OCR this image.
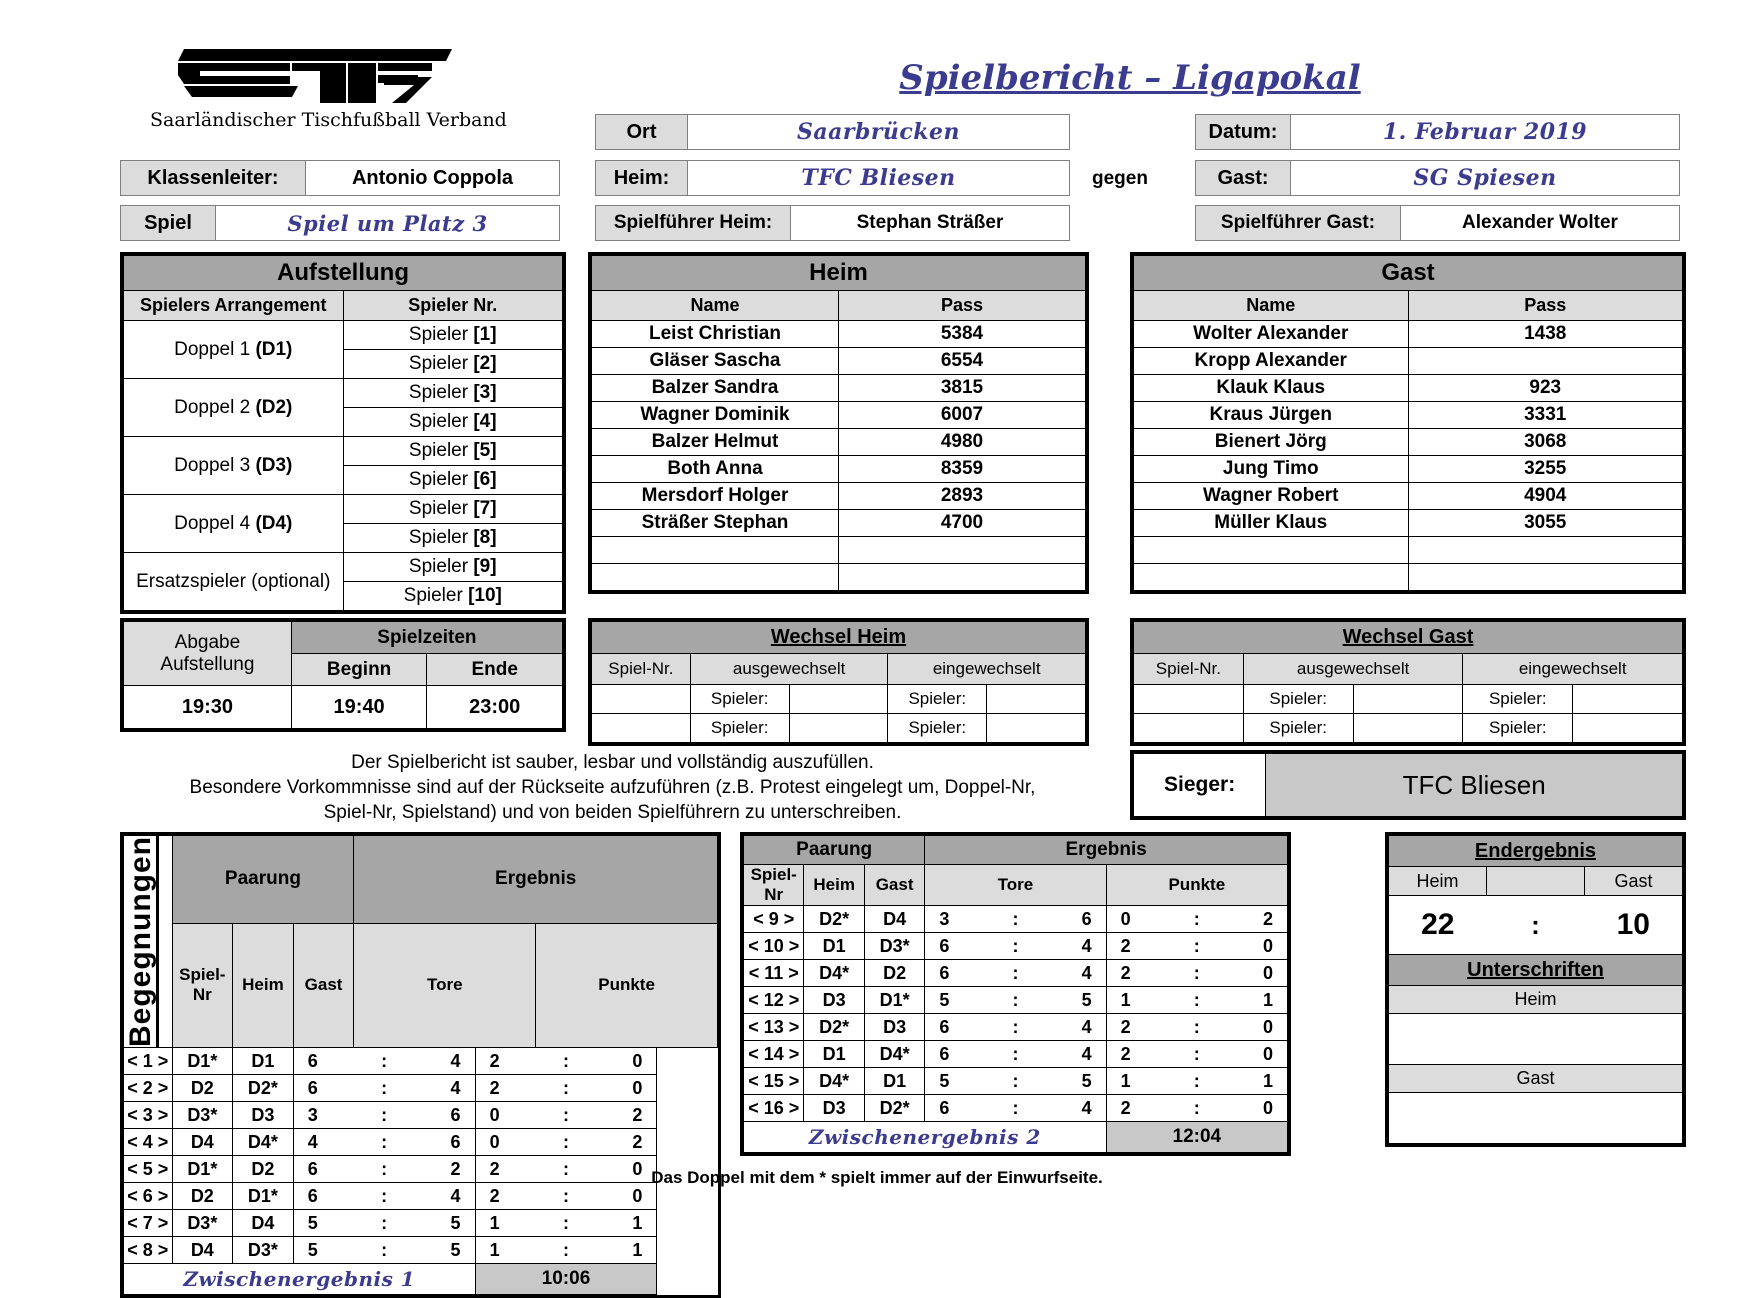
Saarländischer Tischfußball Verband
Spielbericht – Ligapokal
Klassenleiter:	Antonio Coppola
Spiel	Spiel um Platz 3
Ort	Saarbrücken
Heim:	TFC Bliesen	gegen
Datum:	1. Februar 2019
Gast:	SG Spiesen
Spielführer Heim:	Stephan Sträßer	Spielführer Gast:	Alexander Wolter
Aufstellung	
Spielers Arrangement	Spieler Nr.
Doppel 1 (D1)	Spieler [1]
	Spieler [2]
Doppel 2 (D2)	Spieler [3]
	Spieler [4]
Doppel 3 (D3)	Spieler [5]
	Spieler [6]
Doppel 4 (D4)	Spieler [7]
	Spieler [8]
Ersatzspieler (optional)	Spieler [9]
	Spieler [10]
Heim	
Name	Pass
Leist Christian	5384
Gläser Sascha	6554
Balzer Sandra	3815
Wagner Dominik	6007
Balzer Helmut	4980
Both Anna	8359
Mersdorf Holger	2893
Sträßer Stephan	4700

Gast	
Name	Pass
Wolter Alexander	1438
Kropp Alexander	
Klauk Klaus	923
Kraus Jürgen	3331
Bienert Jörg	3068
Jung Timo	3255
Wagner Robert	4904
Müller Klaus	3055

Abgabe
Aufstellung	Spielzeiten	
	Beginn	Ende
19:30	19:40	23:00
Wechsel Heim				
Spiel-Nr.	ausgewechselt		eingewechselt	
	Spieler:		Spieler:	
	Spieler:		Spieler:	
Wechsel Gast				
Spiel-Nr.	ausgewechselt		eingewechselt	
	Spieler:		Spieler:	
	Spieler:		Spieler:	
Der Spielbericht ist sauber, lesbar und vollständig auszufüllen.
Besondere Vorkommnisse sind auf der Rückseite aufzuführen (z.B. Protest eingelegt um, Doppel-Nr,
Spiel-Nr, Spielstand) und von beiden Spielführern zu unterschreiben.
Sieger:	TFC Bliesen
Begegnungen	Paarung			Ergebnis				
	Spiel-Nr	Heim	Gast	Tore			Punkte	
< 1 >	D1*	D1	6	:	4	2	:	0
< 2 >	D2	D2*	6	:	4	2	:	0
< 3 >	D3*	D3	3	:	6	0	:	2
< 4 >	D4	D4*	4	:	6	0	:	2
< 5 >	D1*	D2	6	:	2	2	:	0
< 6 >	D2	D1*	6	:	4	2	:	0
< 7 >	D3*	D4	5	:	5	1	:	1
< 8 >	D4	D3*	5	:	5	1	:	1
Zwischenergebnis 1						10:06		
Paarung			Ergebnis					
Spiel-Nr	Heim	Gast	Tore			Punkte		
< 9 >	D2*	D4	3	:	6	0	:	2
< 10 >	D1	D3*	6	:	4	2	:	0
< 11 >	D4*	D2	6	:	4	2	:	0
< 12 >	D3	D1*	5	:	5	1	:	1
< 13 >	D2*	D3	6	:	4	2	:	0
< 14 >	D1	D4*	6	:	4	2	:	0
< 15 >	D4*	D1	5	:	5	1	:	1
< 16 >	D3	D2*	6	:	4	2	:	0
Zwischenergebnis 2						12:04		
Endergebnis		
Heim		Gast
22	:	10
Unterschriften		
Heim		

Gast		

Das Doppel mit dem * spielt immer auf der Einwurfseite.
